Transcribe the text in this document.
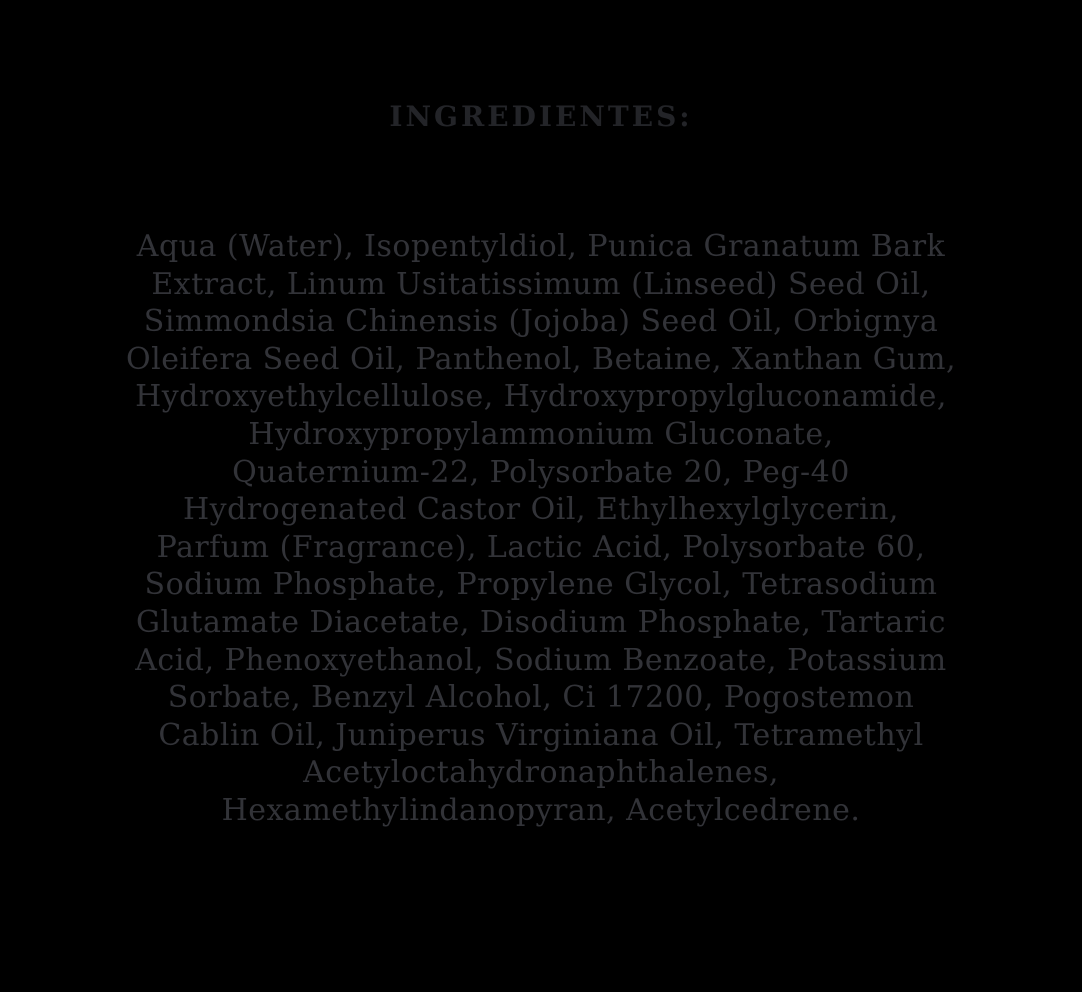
INGREDIENTES:
Aqua (Water), Isopentyldiol, Punica Granatum Bark
Extract, Linum Usitatissimum (Linseed) Seed Oil,
Simmondsia Chinensis (Jojoba) Seed Oil, Orbignya
Oleifera Seed Oil, Panthenol, Betaine, Xanthan Gum,
Hydroxyethylcellulose, Hydroxypropylgluconamide,
Hydroxypropylammonium Gluconate,
Quaternium-22, Polysorbate 20, Peg-40
Hydrogenated Castor Oil, Ethylhexylglycerin,
Parfum (Fragrance), Lactic Acid, Polysorbate 60,
Sodium Phosphate, Propylene Glycol, Tetrasodium
Glutamate Diacetate, Disodium Phosphate, Tartaric
Acid, Phenoxyethanol, Sodium Benzoate, Potassium
Sorbate, Benzyl Alcohol, Ci 17200, Pogostemon
Cablin Oil, Juniperus Virginiana Oil, Tetramethyl
Acetyloctahydronaphthalenes,
Hexamethylindanopyran, Acetylcedrene.
